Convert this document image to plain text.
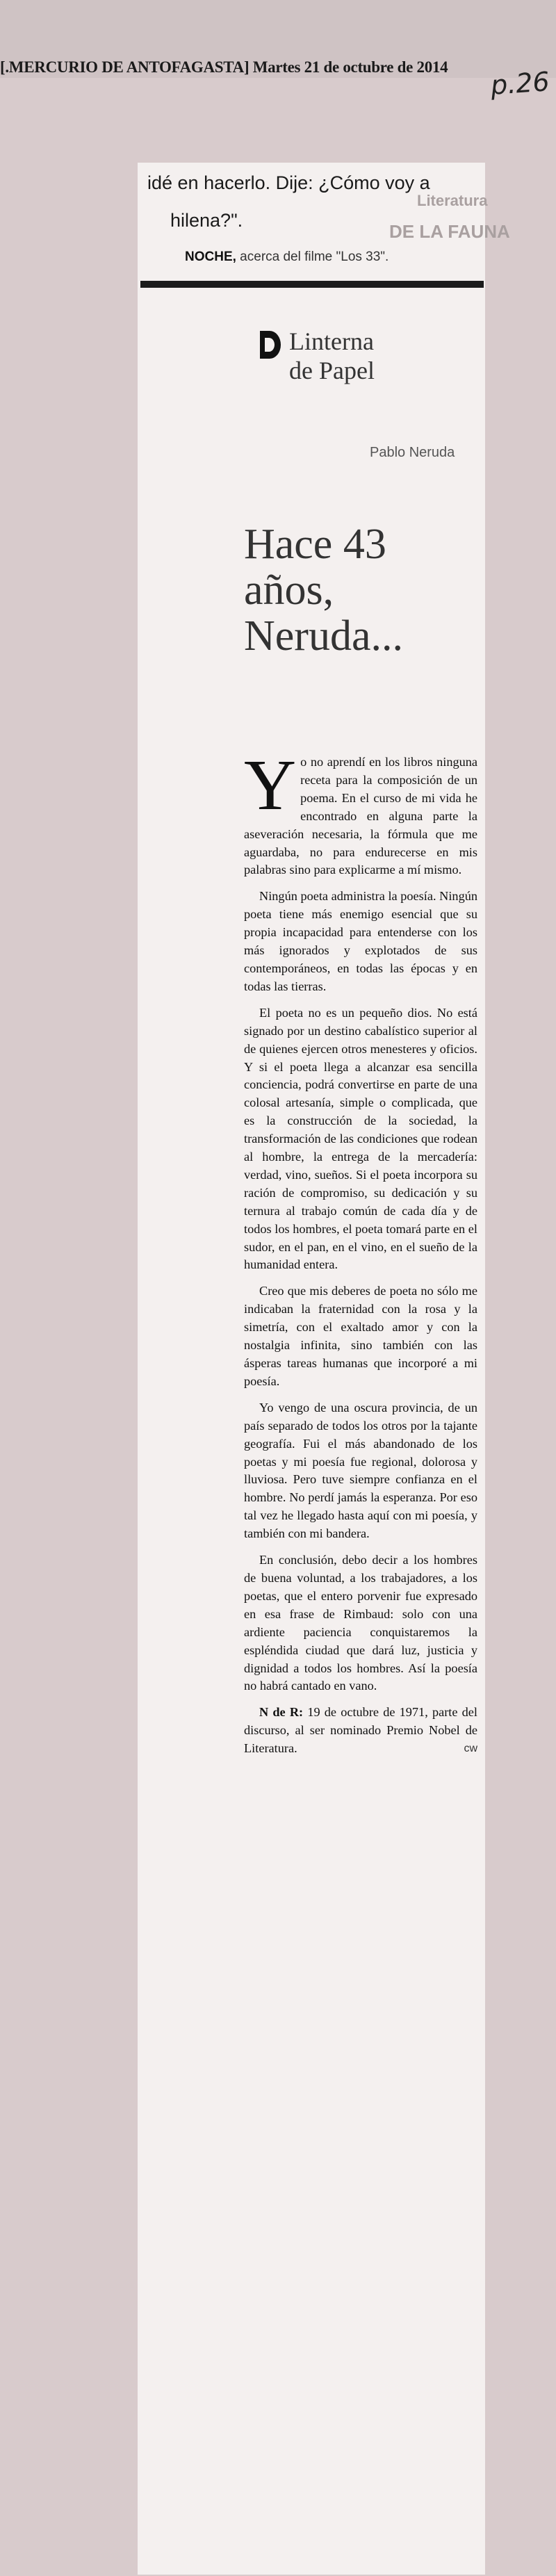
[.MERCURIO DE ANTOFAGASTA] Martes 21 de octubre de 2014 p.26
Literatura
DE LA FAUNA
idé en hacerlo. Dije: ¿Cómo voy a
hilena?".
NOCHE, acerca del filme "Los 33".
Linterna
de Papel
Pablo Neruda
Hace 43
años,
Neruda...

Yo no aprendí en los libros ninguna receta para la composición de un poema. En el curso de mi vida he encontrado en alguna parte la aseveración necesaria, la fórmula que me aguardaba, no para endurecerse en mis palabras sino para explicarme a mí mismo.

Ningún poeta administra la poesía. Ningún poeta tiene más enemigo esencial que su propia incapacidad para entenderse con los más ignorados y explotados de sus contemporáneos, en todas las épocas y en todas las tierras.

El poeta no es un pequeño dios. No está signado por un destino cabalístico superior al de quienes ejercen otros menesteres y oficios. Y si el poeta llega a alcanzar esa sencilla conciencia, podrá convertirse en parte de una colosal artesanía, simple o complicada, que es la construcción de la sociedad, la transformación de las condiciones que rodean al hombre, la entrega de la mercadería: verdad, vino, sueños. Si el poeta incorpora su ración de compromiso, su dedicación y su ternura al trabajo común de cada día y de todos los hombres, el poeta tomará parte en el sudor, en el pan, en el vino, en el sueño de la humanidad entera.

Creo que mis deberes de poeta no sólo me indicaban la fraternidad con la rosa y la simetría, con el exaltado amor y con la nostalgia infinita, sino también con las ásperas tareas humanas que incorporé a mi poesía.

Yo vengo de una oscura provincia, de un país separado de todos los otros por la tajante geografía. Fui el más abandonado de los poetas y mi poesía fue regional, dolorosa y lluviosa. Pero tuve siempre confianza en el hombre. No perdí jamás la esperanza. Por eso tal vez he llegado hasta aquí con mi poesía, y también con mi bandera.

En conclusión, debo decir a los hombres de buena voluntad, a los trabajadores, a los poetas, que el entero porvenir fue expresado en esa frase de Rimbaud: solo con una ardiente paciencia conquistaremos la espléndida ciudad que dará luz, justicia y dignidad a todos los hombres. Así la poesía no habrá cantado en vano.

N de R: 19 de octubre de 1971, parte del discurso, al ser nominado Premio Nobel de Literatura.	cw
